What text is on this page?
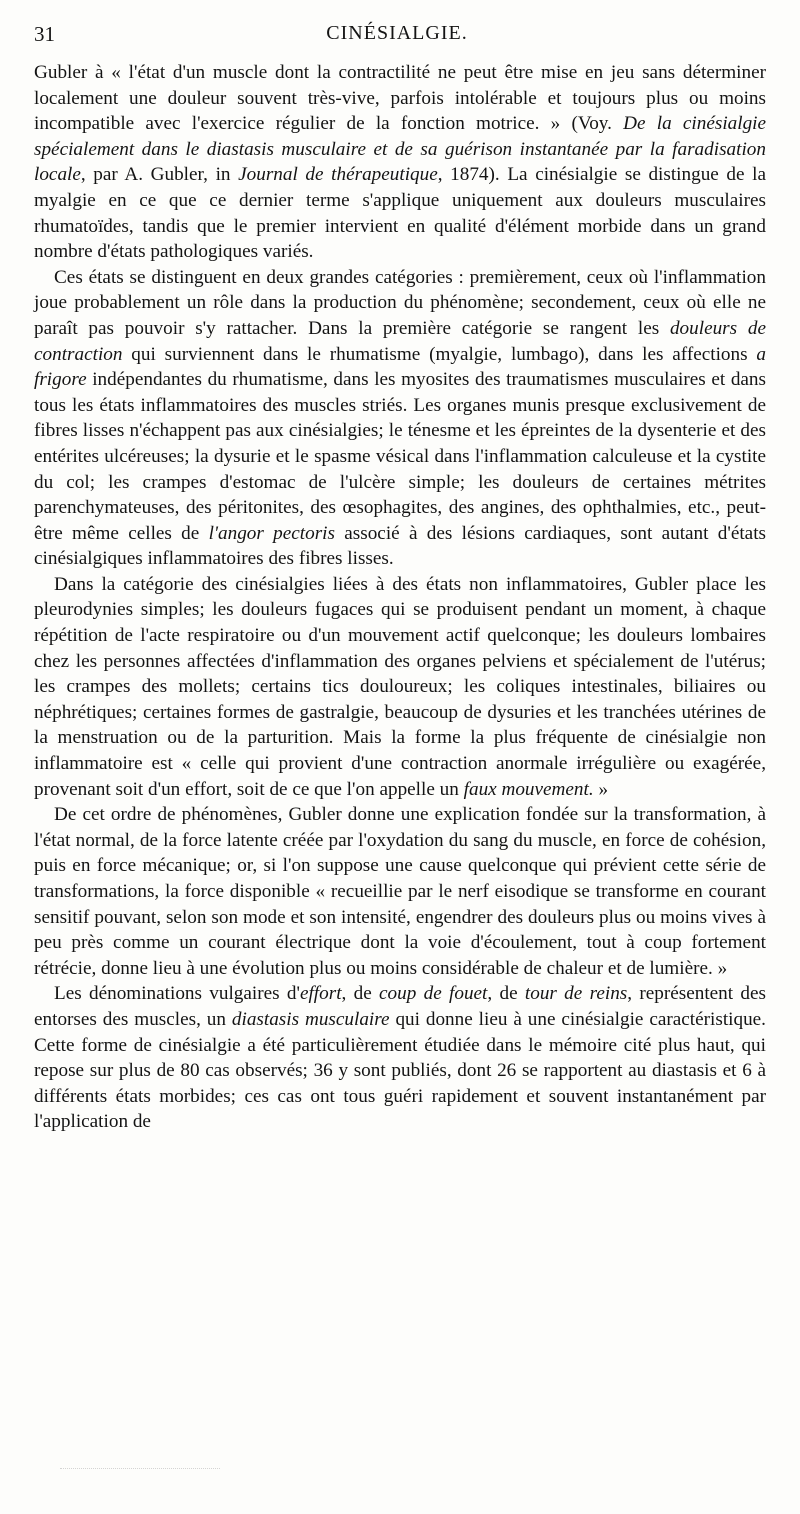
31	CINÉSIALGIE.

Gubler à « l'état d'un muscle dont la contractilité ne peut être mise en jeu sans déterminer localement une douleur souvent très-vive, parfois intolérable et toujours plus ou moins incompatible avec l'exercice régulier de la fonction motrice. » (Voy. De la cinésialgie spécialement dans le diastasis musculaire et de sa guérison instantanée par la faradisation locale, par A. Gubler, in Journal de thérapeutique, 1874). La cinésialgie se distingue de la myalgie en ce que ce dernier terme s'applique uniquement aux douleurs musculaires rhumatoïdes, tandis que le premier intervient en qualité d'élément morbide dans un grand nombre d'états pathologiques variés.

Ces états se distinguent en deux grandes catégories : premièrement, ceux où l'inflammation joue probablement un rôle dans la production du phénomène; secondement, ceux où elle ne paraît pas pouvoir s'y rattacher. Dans la première catégorie se rangent les douleurs de contraction qui surviennent dans le rhumatisme (myalgie, lumbago), dans les affections a frigore indépendantes du rhumatisme, dans les myosites des traumatismes musculaires et dans tous les états inflammatoires des muscles striés. Les organes munis presque exclusivement de fibres lisses n'échappent pas aux cinésialgies; le ténesme et les épreintes de la dysenterie et des entérites ulcéreuses; la dysurie et le spasme vésical dans l'inflammation calculeuse et la cystite du col; les crampes d'estomac de l'ulcère simple; les douleurs de certaines métrites parenchymateuses, des péritonites, des œsophagites, des angines, des ophthalmies, etc., peut-être même celles de l'angor pectoris associé à des lésions cardiaques, sont autant d'états cinésialgiques inflammatoires des fibres lisses.

Dans la catégorie des cinésialgies liées à des états non inflammatoires, Gubler place les pleurodynies simples; les douleurs fugaces qui se produisent pendant un moment, à chaque répétition de l'acte respiratoire ou d'un mouvement actif quelconque; les douleurs lombaires chez les personnes affectées d'inflammation des organes pelviens et spécialement de l'utérus; les crampes des mollets; certains tics douloureux; les coliques intestinales, biliaires ou néphrétiques; certaines formes de gastralgie, beaucoup de dysuries et les tranchées utérines de la menstruation ou de la parturition. Mais la forme la plus fréquente de cinésialgie non inflammatoire est « celle qui provient d'une contraction anormale irrégulière ou exagérée, provenant soit d'un effort, soit de ce que l'on appelle un faux mouvement. »

De cet ordre de phénomènes, Gubler donne une explication fondée sur la transformation, à l'état normal, de la force latente créée par l'oxydation du sang du muscle, en force de cohésion, puis en force mécanique; or, si l'on suppose une cause quelconque qui prévient cette série de transformations, la force disponible « recueillie par le nerf eisodique se transforme en courant sensitif pouvant, selon son mode et son intensité, engendrer des douleurs plus ou moins vives à peu près comme un courant électrique dont la voie d'écoulement, tout à coup fortement rétrécie, donne lieu à une évolution plus ou moins considérable de chaleur et de lumière. »

Les dénominations vulgaires d'effort, de coup de fouet, de tour de reins, représentent des entorses des muscles, un diastasis musculaire qui donne lieu à une cinésialgie caractéristique. Cette forme de cinésialgie a été particulièrement étudiée dans le mémoire cité plus haut, qui repose sur plus de 80 cas observés; 36 y sont publiés, dont 26 se rapportent au diastasis et 6 à différents états morbides; ces cas ont tous guéri rapidement et souvent instantanément par l'application de
